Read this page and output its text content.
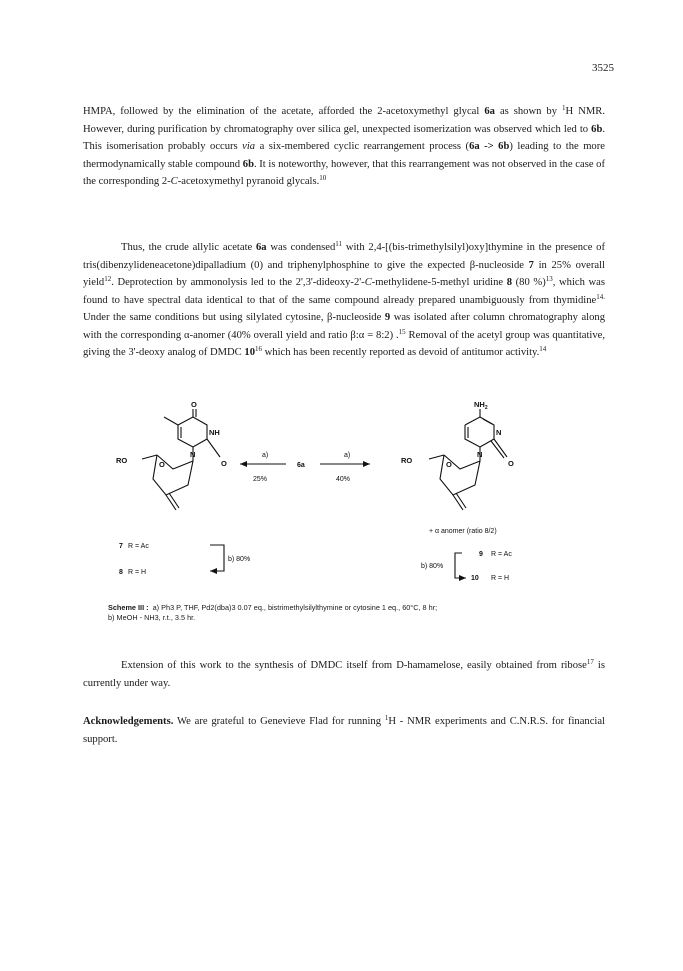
3525

HMPA, followed by the elimination of the acetate, afforded the 2-acetoxymethyl glycal 6a as shown by $^1$H NMR. However, during purification by chromatography over silica gel, unexpected isomerization was observed which led to 6b. This isomerisation probably occurs via a six-membered cyclic rearrangement process (6a -> 6b) leading to the more thermodynamically stable compound 6b. It is noteworthy, however, that this rearrangement was not observed in the case of the corresponding 2-C-acetoxymethyl pyranoid glycals.$^{10}$

Thus, the crude allylic acetate 6a was condensed$^{11}$ with 2,4-[(bis-trimethylsilyl)oxy]thymine in the presence of tris(dibenzylideneacetone)dipalladium (0) and triphenylphosphine to give the expected β-nucleoside 7 in 25% overall yield$^{12}$. Deprotection by ammonolysis led to the 2',3'-dideoxy-2'-C-methylidene-5-methyl uridine 8 (80 %)$^{13}$, which was found to have spectral data identical to that of the same compound already prepared unambiguously from thymidine$^{14.}$ Under the same conditions but using silylated cytosine, β-nucleoside 9 was isolated after column chromatography along with the corresponding α-anomer (40% overall yield and ratio β:α = 8:2) .$^{15}$ Removal of the acetyl group was quantitative, giving the 3'-deoxy analog of DMDC $10^{16}$ which has been recently reported as devoid of antitumor activity.$^{14}$

O
NH
N
O
O
RO
$NH_2$
N
N
O
O
RO
a)	a)
6a
25%	40%
+ α anomer (ratio 8/2)
7 R = Ac
8 R = H
b) 80%
b) 80%
9 R = Ac
10 R = H

Scheme III : a) Ph3 P, THF, Pd2(dba)3 0.07 eq., bistrimethylsilylthymine or cytosine 1 eq., 60°C, 8 hr;
b) MeOH - NH3, r.t., 3.5 hr.

Extension of this work to the synthesis of DMDC itself from D-hamamelose, easily obtained from ribose$^{17}$ is currently under way.

Acknowledgements. We are grateful to Genevieve Flad for running $^1$H - NMR experiments and C.N.R.S. for financial support.
